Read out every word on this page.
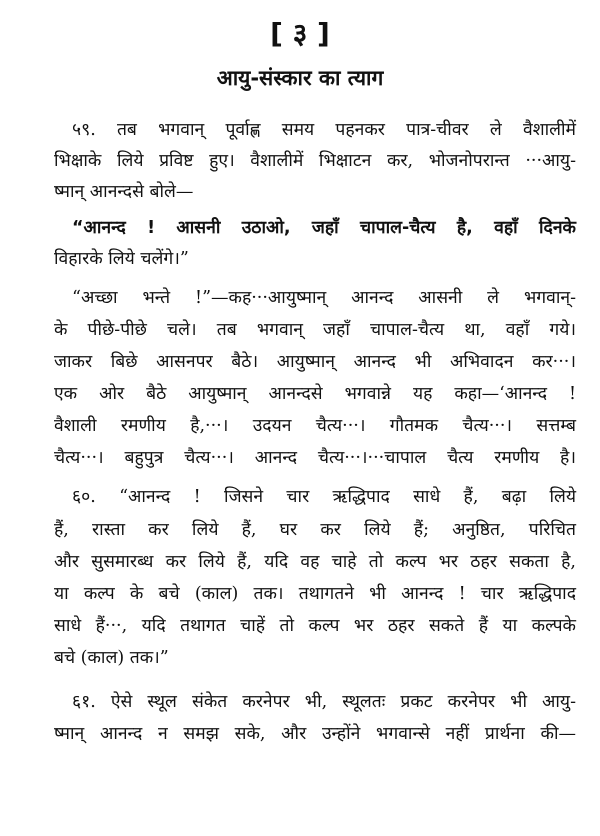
[ ३ ]
आयु-संस्कार का त्याग
५९. तब भगवान् पूर्वाह्ण समय पहनकर पात्र-चीवर ले वैशालीमें
भिक्षाके लिये प्रविष्ट हुए। वैशालीमें भिक्षाटन कर, भोजनोपरान्त ···आयु-
ष्मान् आनन्दसे बोले—
“आनन्द ! आसनी उठाओ, जहाँ चापाल-चैत्य है, वहाँ दिनके
विहारके लिये चलेंगे।”
“अच्छा भन्ते !”—कह···आयुष्मान् आनन्द आसनी ले भगवान्-
के पीछे-पीछे चले। तब भगवान् जहाँ चापाल-चैत्य था, वहाँ गये।
जाकर बिछे आसनपर बैठे। आयुष्मान् आनन्द भी अभिवादन कर···।
एक ओर बैठे आयुष्मान् आनन्दसे भगवान्ने यह कहा—‘आनन्द !
वैशाली रमणीय है,···। उदयन चैत्य···। गौतमक चैत्य···। सत्तम्ब
चैत्य···। बहुपुत्र चैत्य···। आनन्द चैत्य···।···चापाल चैत्य रमणीय है।
६०. “आनन्द ! जिसने चार ऋद्धिपाद साधे हैं, बढ़ा लिये
हैं, रास्ता कर लिये हैं, घर कर लिये हैं; अनुष्ठित, परिचित
और सुसमारब्ध कर लिये हैं, यदि वह चाहे तो कल्प भर ठहर सकता है,
या कल्प के बचे (काल) तक। तथागतने भी आनन्द ! चार ऋद्धिपाद
साधे हैं···, यदि तथागत चाहें तो कल्प भर ठहर सकते हैं या कल्पके
बचे (काल) तक।”
६१. ऐसे स्थूल संकेत करनेपर भी, स्थूलतः प्रकट करनेपर भी आयु-
ष्मान् आनन्द न समझ सके, और उन्होंने भगवान्से नहीं प्रार्थना की—
